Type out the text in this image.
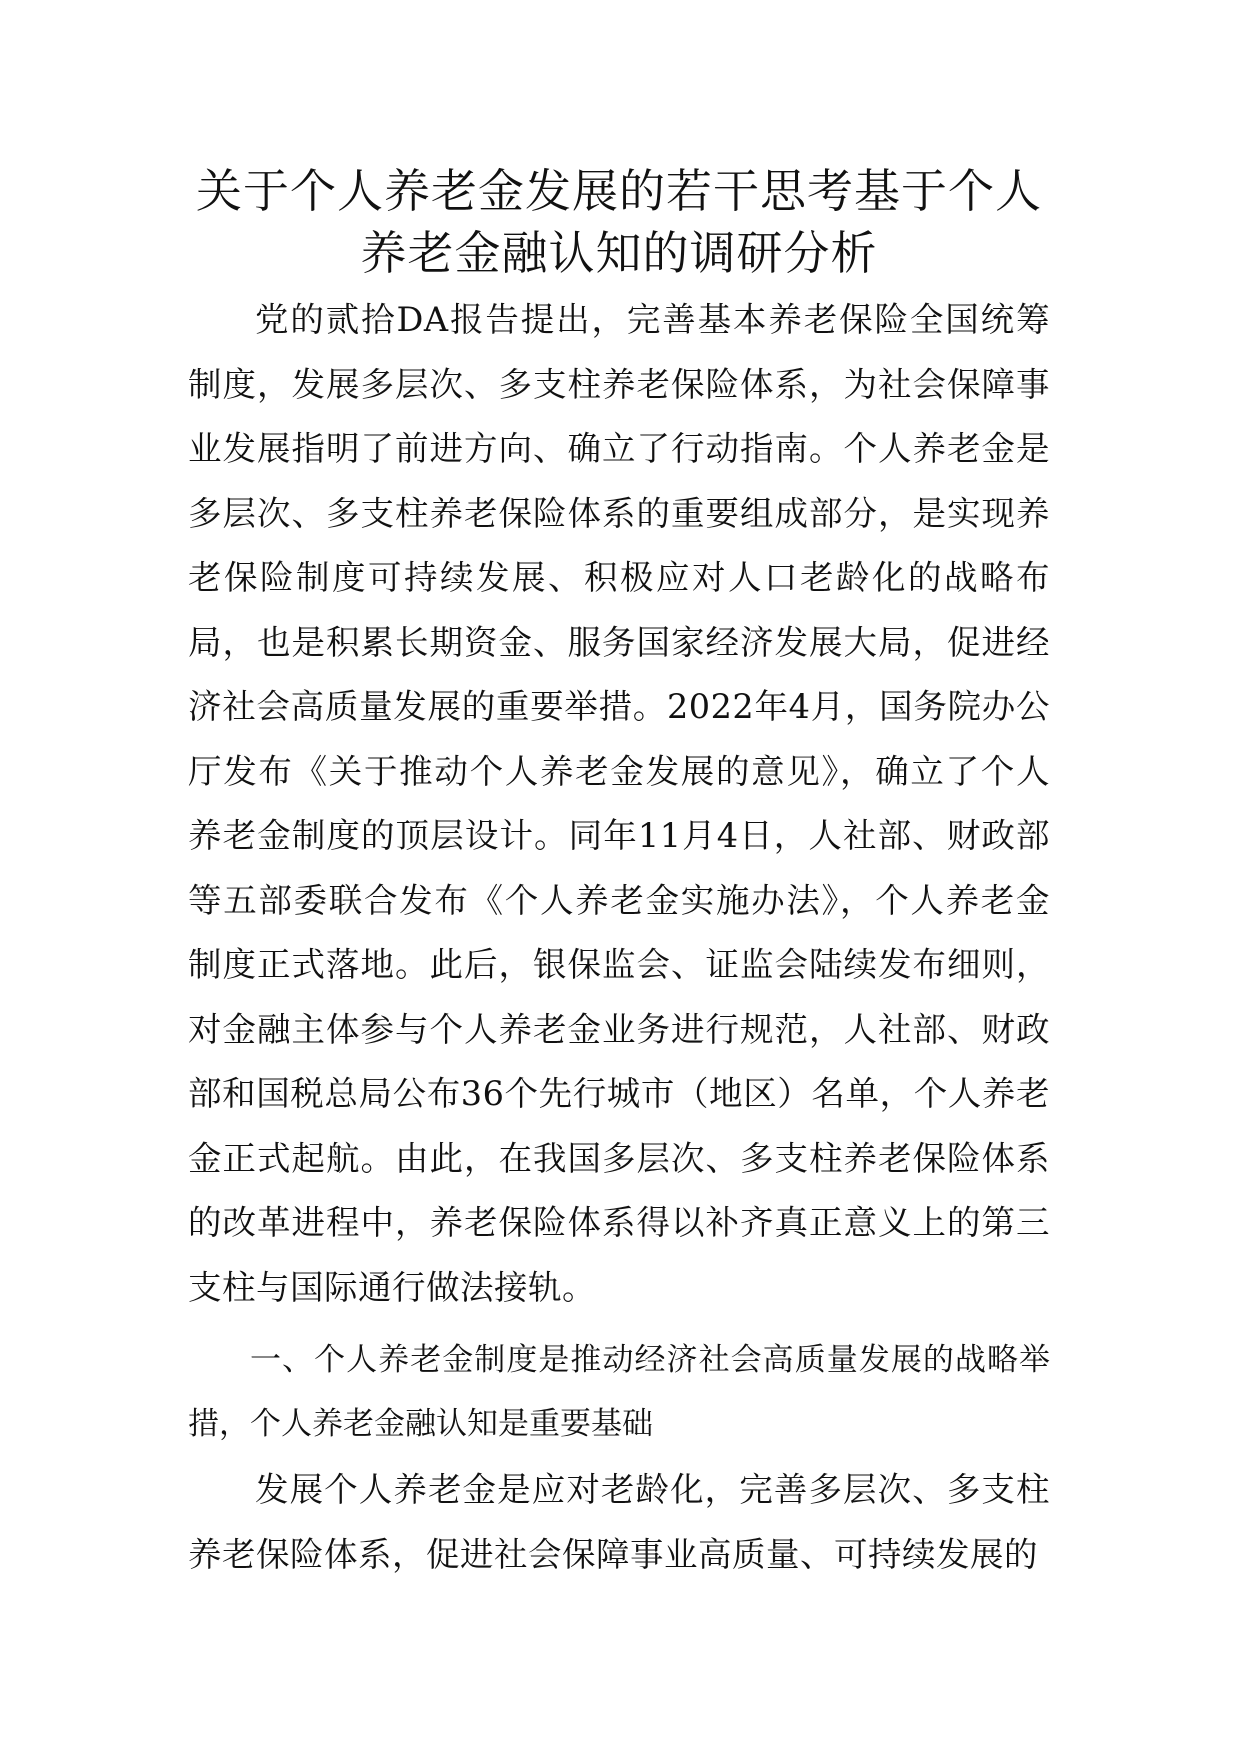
关于个人养老金发展的若干思考基于个人
养老金融认知的调研分析

党的贰拾DA报告提出，完善基本养老保险全国统筹制度，发展多层次、多支柱养老保险体系，为社会保障事业发展指明了前进方向、确立了行动指南。个人养老金是多层次、多支柱养老保险体系的重要组成部分，是实现养老保险制度可持续发展、积极应对人口老龄化的战略布局，也是积累长期资金、服务国家经济发展大局，促进经济社会高质量发展的重要举措。2022年4月，国务院办公厅发布《关于推动个人养老金发展的意见》，确立了个人养老金制度的顶层设计。同年11月4日，人社部、财政部等五部委联合发布《个人养老金实施办法》，个人养老金制度正式落地。此后，银保监会、证监会陆续发布细则，对金融主体参与个人养老金业务进行规范，人社部、财政部和国税总局公布36个先行城市（地区）名单，个人养老金正式起航。由此，在我国多层次、多支柱养老保险体系的改革进程中，养老保险体系得以补齐真正意义上的第三支柱与国际通行做法接轨。

一、个人养老金制度是推动经济社会高质量发展的战略举措，个人养老金融认知是重要基础

发展个人养老金是应对老龄化，完善多层次、多支柱养老保险体系，促进社会保障事业高质量、可持续发展的
